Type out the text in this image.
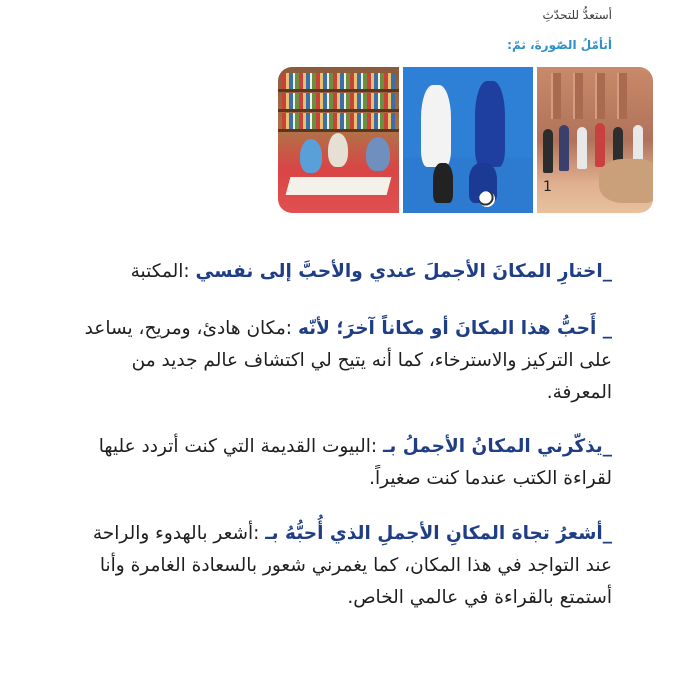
أستعدُّ للتحدّثِ
أتأمّلُ الصّورةَ، ثمّ:
1
_اختارِ المكانَ الأجملَ عندي والأحبَّ إلى نفسي :المكتبة
_ أَحبُّ هذا المكانَ أو مكاناً آخرَ؛ لأنّه :مكان هادئ، ومريح، يساعد على التركيز والاسترخاء، كما أنه يتيح لي اكتشاف عالم جديد من المعرفة.
_يذكّرني المكانُ الأجملُ بـ :البيوت القديمة التي كنت أتردد عليها لقراءة الكتب عندما كنت صغيراً.
_أشعرُ تجاهَ المكانِ الأجملِ الذي أُحبُّهُ بـ :أشعر بالهدوء والراحة عند التواجد في هذا المكان، كما يغمرني شعور بالسعادة الغامرة وأنا أستمتع بالقراءة في عالمي الخاص.
